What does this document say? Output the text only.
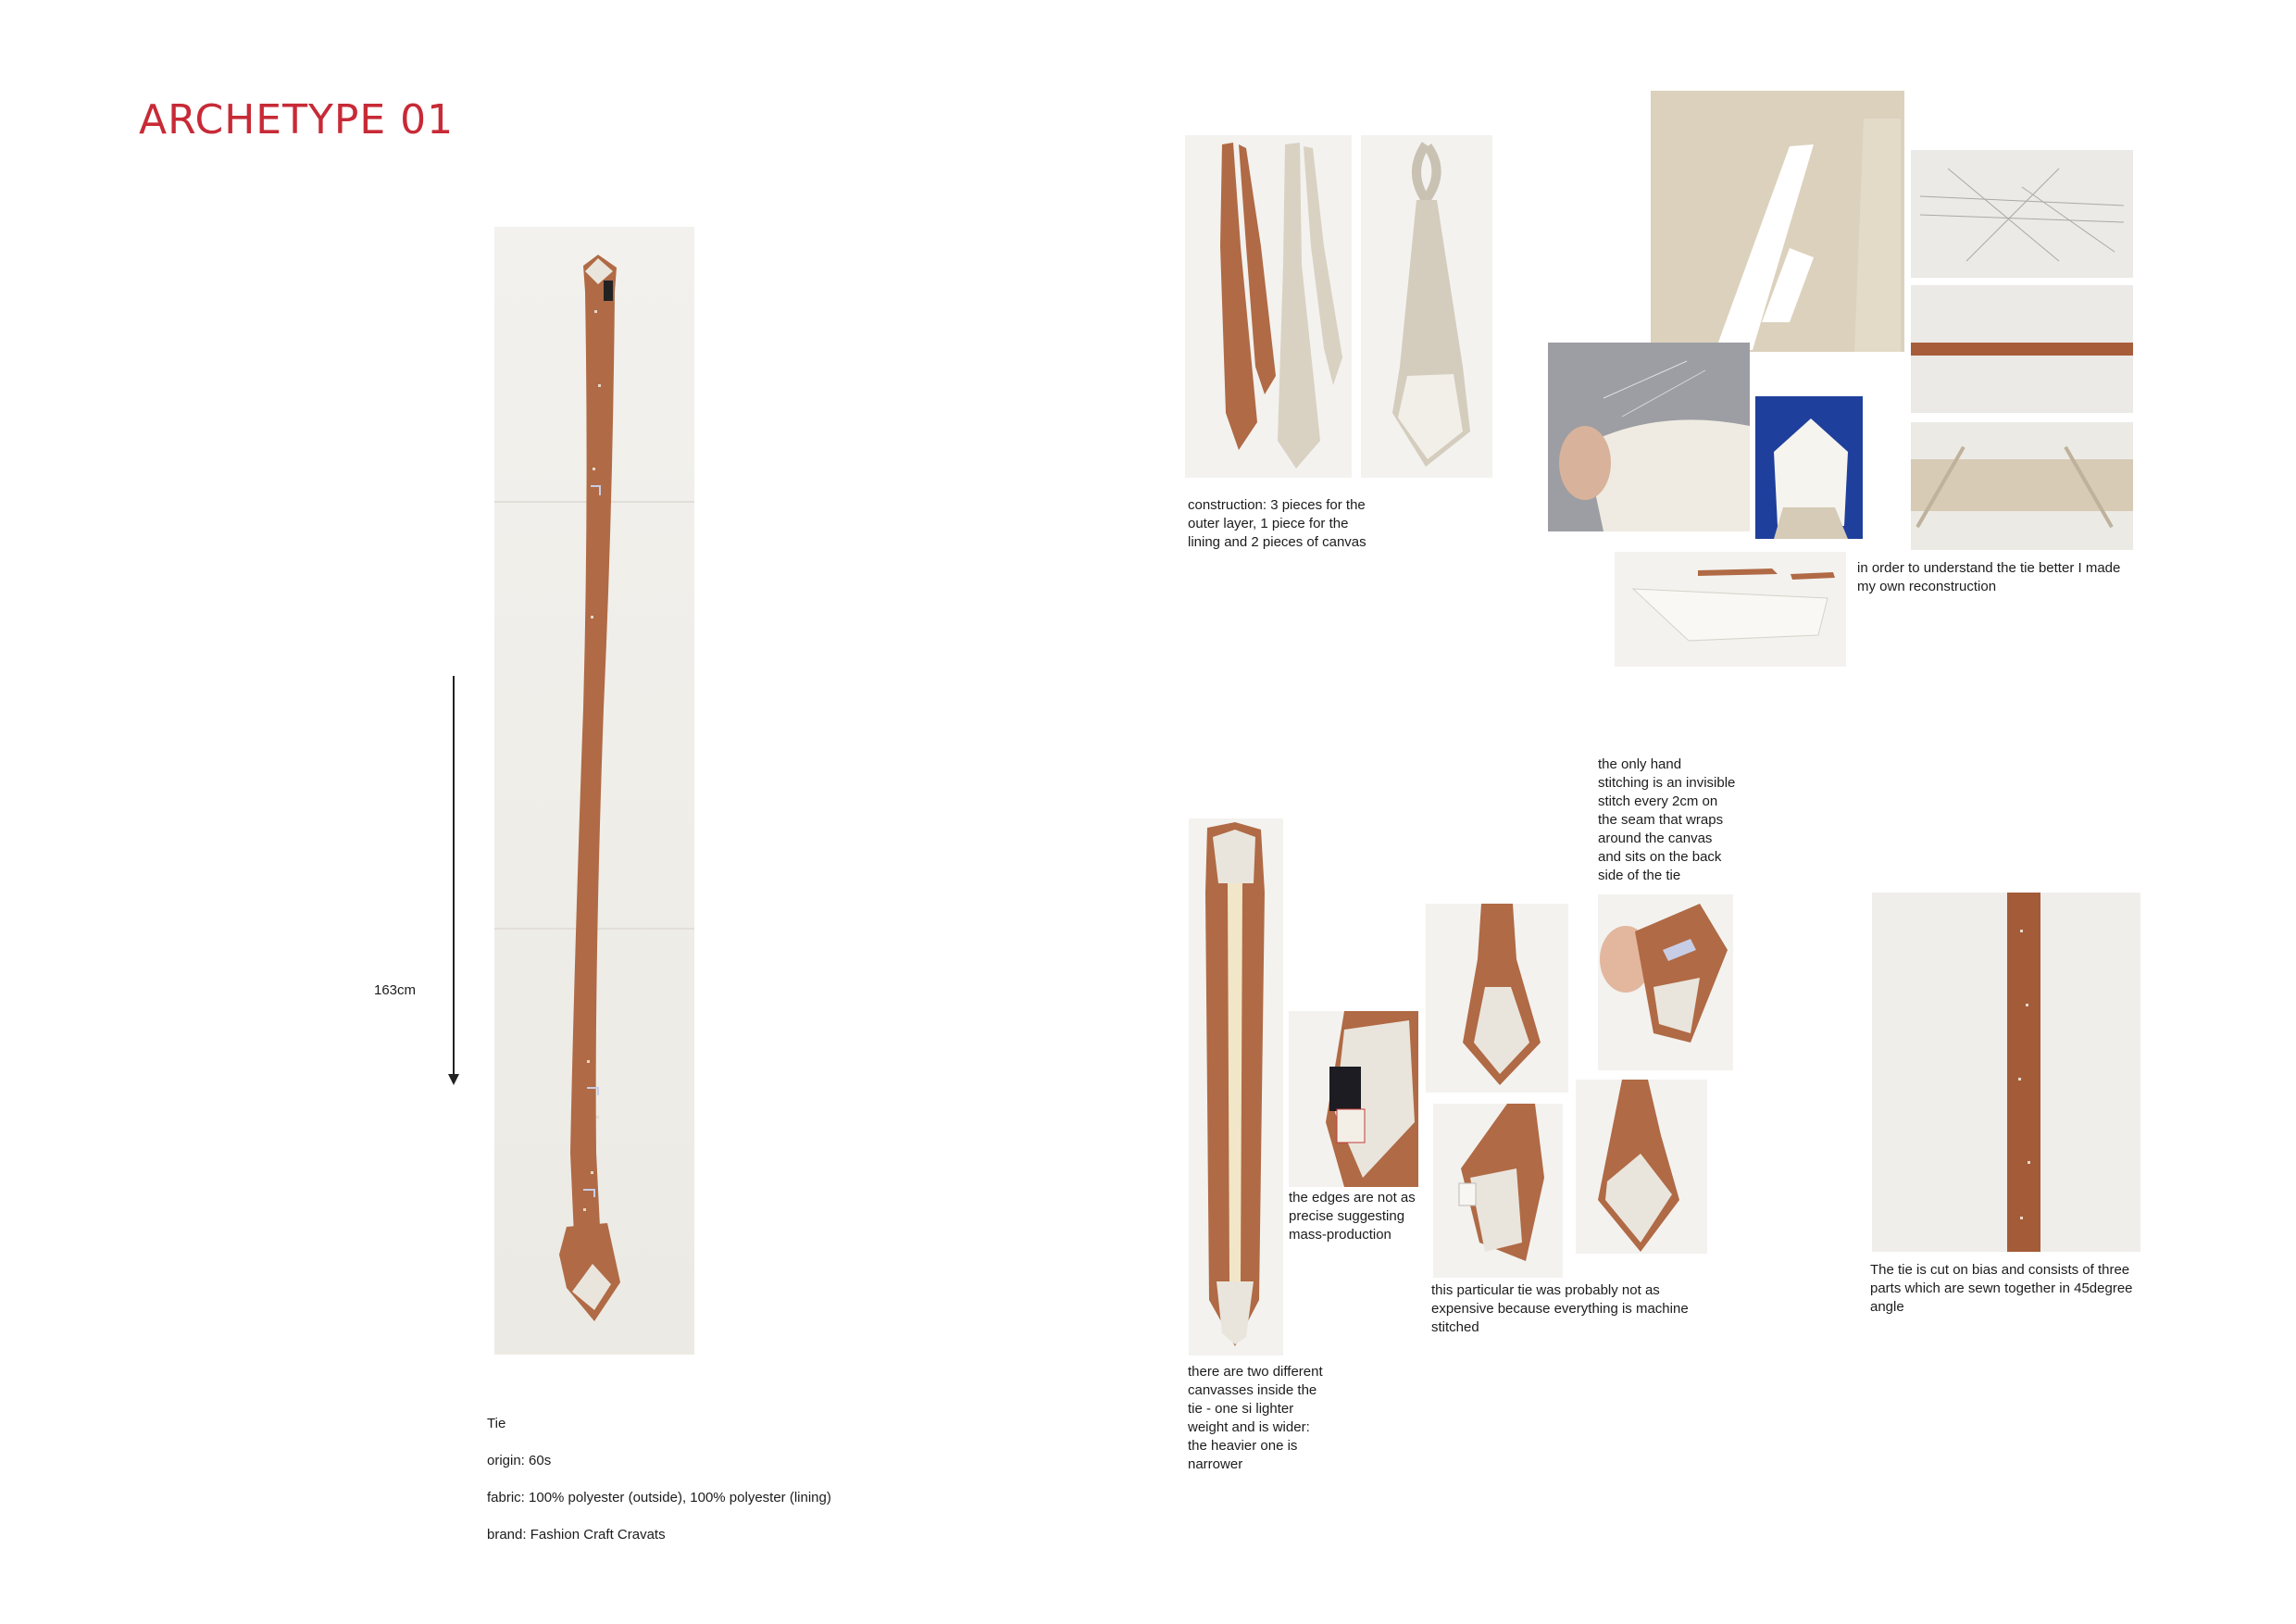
ARCHETYPE 01
163cm

Tie

origin: 60s

fabric: 100% polyester (outside), 100% polyester (lining)

brand: Fashion Craft Cravats

construction: 3 pieces for the
outer layer, 1 piece for the
lining and 2 pieces of canvas
in order to understand the tie better I made
my own reconstruction
the only hand
stitching is an invisible
stitch every 2cm on
the seam that wraps
around the canvas
and sits on the back
side of the tie
the edges are not as
precise suggesting
mass-production
this particular tie was probably not as
expensive because everything is machine
stitched
there are two different
canvasses inside the
tie - one si lighter
weight and is wider:
the heavier one is
narrower
The tie is cut on bias and consists of three
parts which are sewn together in 45degree
angle
